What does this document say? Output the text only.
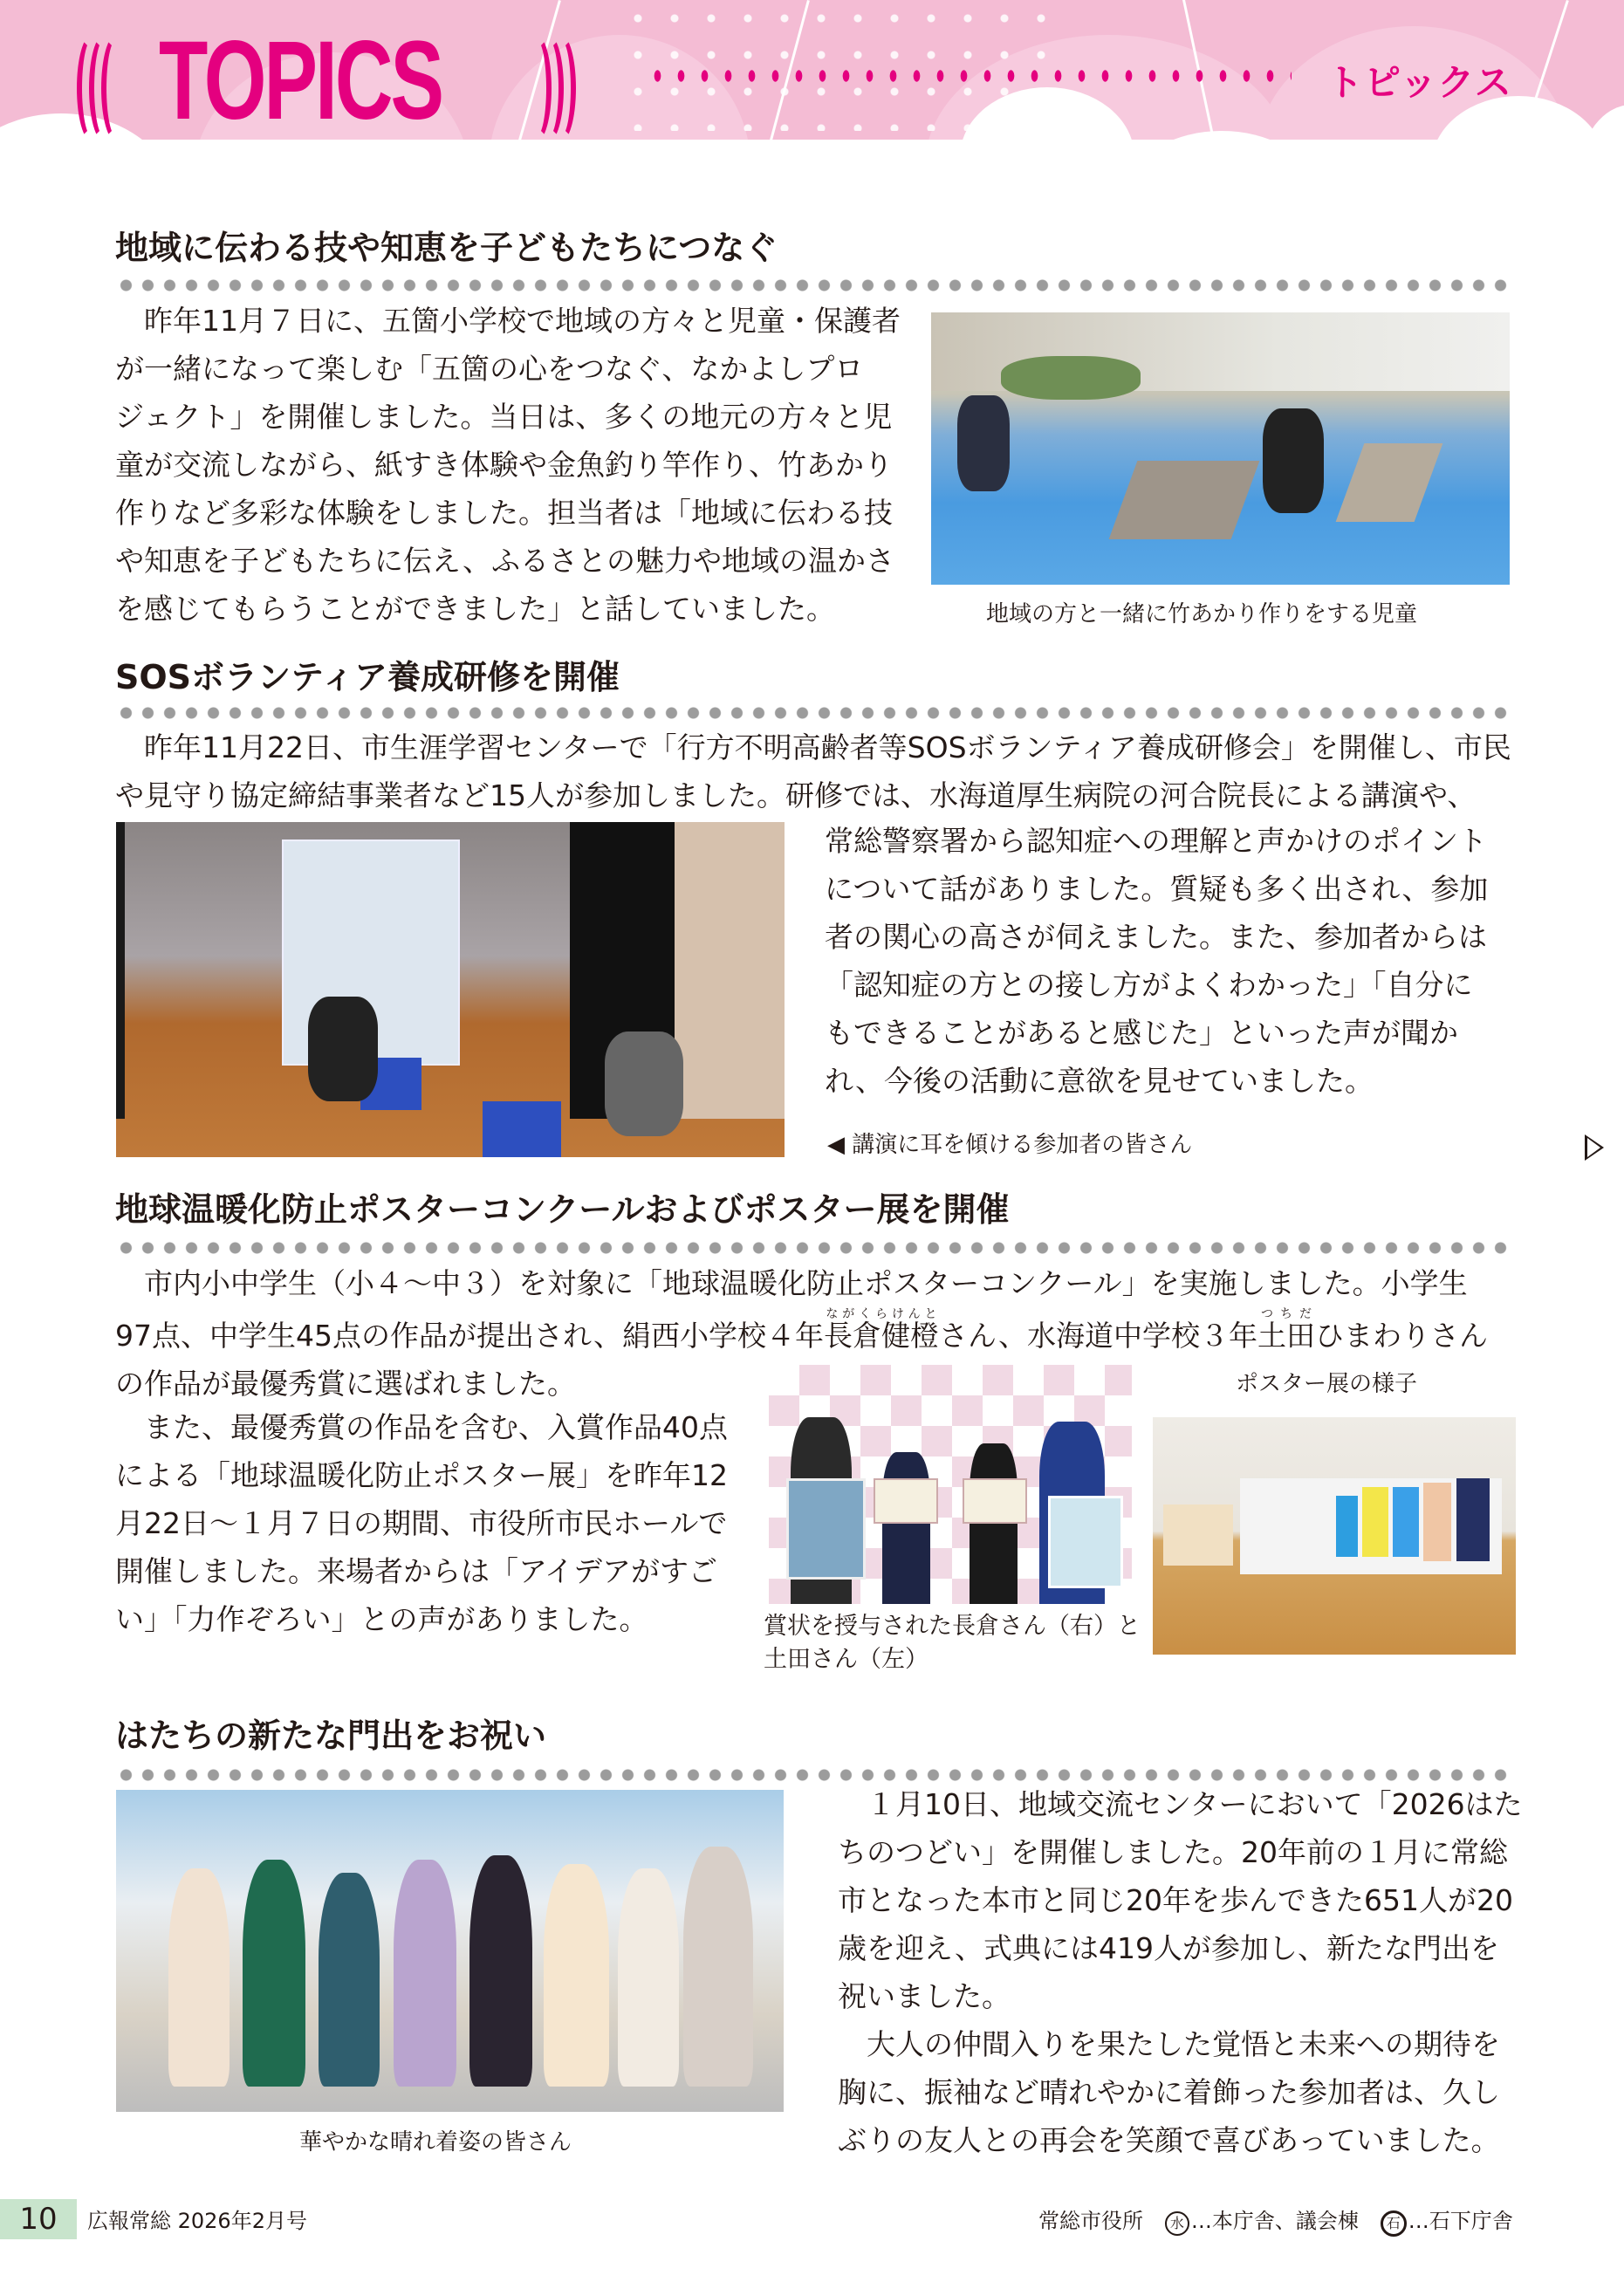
TOPICS	トピックス
地域に伝わる技や知恵を子どもたちにつなぐ

昨年11月７日に、五箇小学校で地域の方々と児童・保護者

が一緒になって楽しむ「五箇の心をつなぐ、なかよしプロ

ジェクト」を開催しました。当日は、多くの地元の方々と児

童が交流しながら、紙すき体験や金魚釣り竿作り、竹あかり

作りなど多彩な体験をしました。担当者は「地域に伝わる技

や知恵を子どもたちに伝え、ふるさとの魅力や地域の温かさ

を感じてもらうことができました」と話していました。	地域の方と一緒に竹あかり作りをする児童
SOSボランティア養成研修を開催

昨年11月22日、市生涯学習センターで「行方不明高齢者等SOSボランティア養成研修会」を開催し、市民

や見守り協定締結事業者など15人が参加しました。研修では、水海道厚生病院の河合院長による講演や、

常総警察署から認知症への理解と声かけのポイント

について話がありました。質疑も多く出され、参加

者の関心の高さが伺えました。また、参加者からは

「認知症の方との接し方がよくわかった」「自分に

もできることがあると感じた」といった声が聞か

れ、今後の活動に意欲を見せていました。

◀ 講演に耳を傾ける参加者の皆さん
地球温暖化防止ポスターコンクールおよびポスター展を開催

市内小中学生（小４～中３）を対象に「地球温暖化防止ポスターコンクール」を実施しました。小学生

97点、中学生45点の作品が提出され、絹西小学校４年長倉健橙ながくらけんとさん、水海道中学校３年土田つちだひまわりさん

の作品が最優秀賞に選ばれました。

また、最優秀賞の作品を含む、入賞作品40点

による「地球温暖化防止ポスター展」を昨年12

月22日～１月７日の期間、市役所市民ホールで

開催しました。来場者からは「アイデアがすご

い」「力作ぞろい」との声がありました。	賞状を授与された長倉さん（右）と
土田さん（左）
ポスター展の様子
はたちの新たな門出をお祝い
華やかな晴れ着姿の皆さん

１月10日、地域交流センターにおいて「2026はた

ちのつどい」を開催しました。20年前の１月に常総

市となった本市と同じ20年を歩んできた651人が20

歳を迎え、式典には419人が参加し、新たな門出を

祝いました。

大人の仲間入りを果たした覚悟と未来への期待を

胸に、振袖など晴れやかに着飾った参加者は、久し

ぶりの友人との再会を笑顔で喜びあっていました。

10	広報常総 2026年2月号	常総市役所 水 …本庁舎、議会棟 石 …石下庁舎
